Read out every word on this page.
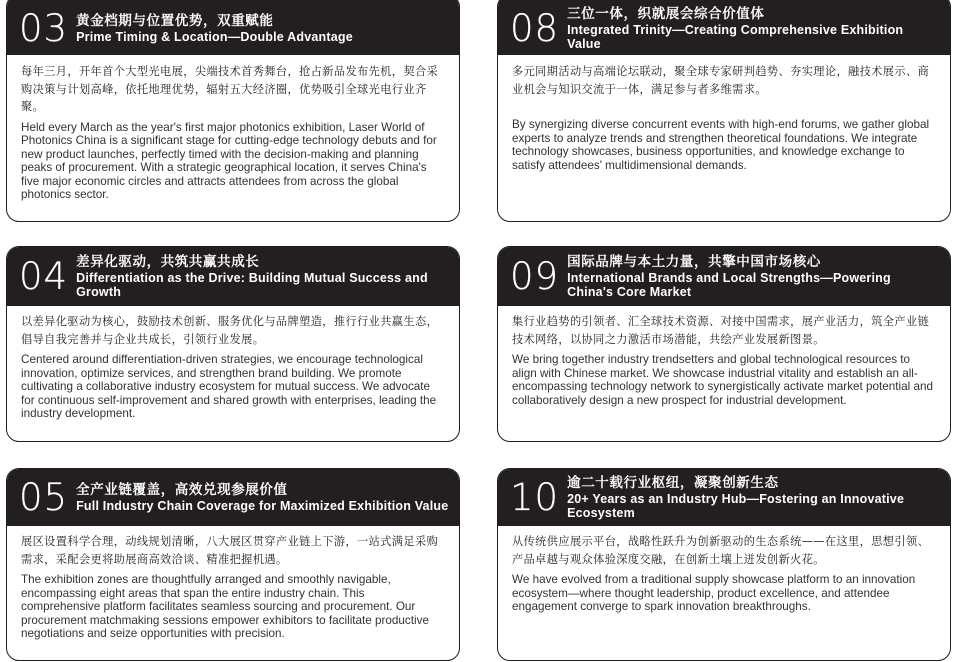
03 黄金档期与位置优势，双重赋能
Prime Timing & Location—Double Advantage

每年三月，开年首个大型光电展，尖端技术首秀舞台，抢占新品发布先机，契合采购决策与计划高峰，依托地理优势，辐射五大经济圈，优势吸引全球光电行业齐聚。

Held every March as the year's first major photonics exhibition, Laser World of Photonics China is a significant stage for cutting-edge technology debuts and for new product launches, perfectly timed with the decision-making and planning peaks of procurement. With a strategic geographical location, it serves China's five major economic circles and attracts attendees from across the global photonics sector.

08 三位一体，织就展会综合价值体
Integrated Trinity—Creating Comprehensive Exhibition Value

多元同期活动与高端论坛联动，聚全球专家研判趋势、夯实理论，融技术展示、商业机会与知识交流于一体，满足参与者多维需求。

By synergizing diverse concurrent events with high-end forums, we gather global experts to analyze trends and strengthen theoretical foundations. We integrate technology showcases, business opportunities, and knowledge exchange to satisfy attendees' multidimensional demands.

04 差异化驱动，共筑共赢共成长
Differentiation as the Drive: Building Mutual Success and Growth

以差异化驱动为核心，鼓励技术创新、服务优化与品牌塑造，推行行业共赢生态，倡导自我完善并与企业共成长，引领行业发展。

Centered around differentiation-driven strategies, we encourage technological innovation, optimize services, and strengthen brand building. We promote cultivating a collaborative industry ecosystem for mutual success. We advocate for continuous self-improvement and shared growth with enterprises, leading the industry development.

09 国际品牌与本土力量，共擎中国市场核心
International Brands and Local Strengths—Powering China's Core Market

集行业趋势的引领者、汇全球技术资源、对接中国需求，展产业活力，筑全产业链技术网络，以协同之力激活市场潜能，共绘产业发展新图景。

We bring together industry trendsetters and global technological resources to align with Chinese market. We showcase industrial vitality and establish an all-encompassing technology network to synergistically activate market potential and collaboratively design a new prospect for industrial development.

05 全产业链覆盖，高效兑现参展价值
Full Industry Chain Coverage for Maximized Exhibition Value

展区设置科学合理，动线规划清晰，八大展区贯穿产业链上下游，一站式满足采购需求，采配会更将助展商高效洽谈、精准把握机遇。

The exhibition zones are thoughtfully arranged and smoothly navigable, encompassing eight areas that span the entire industry chain. This comprehensive platform facilitates seamless sourcing and procurement. Our procurement matchmaking sessions empower exhibitors to facilitate productive negotiations and seize opportunities with precision.

10 逾二十载行业枢纽，凝聚创新生态
20+ Years as an Industry Hub—Fostering an Innovative Ecosystem

从传统供应展示平台，战略性跃升为创新驱动的生态系统——在这里，思想引领、产品卓越与观众体验深度交融，在创新土壤上迸发创新火花。

We have evolved from a traditional supply showcase platform to an innovation ecosystem—where thought leadership, product excellence, and attendee engagement converge to spark innovation breakthroughs.
